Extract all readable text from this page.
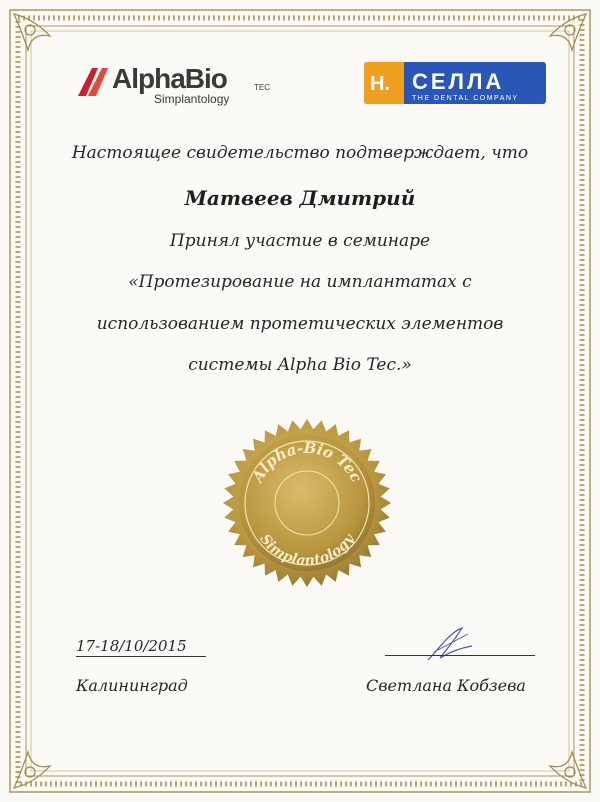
AlphaBio	TEC
Simplantology
Н. СЕЛЛА
THE DENTAL COMPANY
Настоящее свидетельство подтверждает, что
Матвеев Дмитрий
Принял участие в семинаре
«Протезирование на имплантатах с
использованием протетических элементов
системы Alpha Bio Tec.»
Alpha-Bio Tec
Simplantology
17-18/10/2015
Калининград	Светлана Кобзева
